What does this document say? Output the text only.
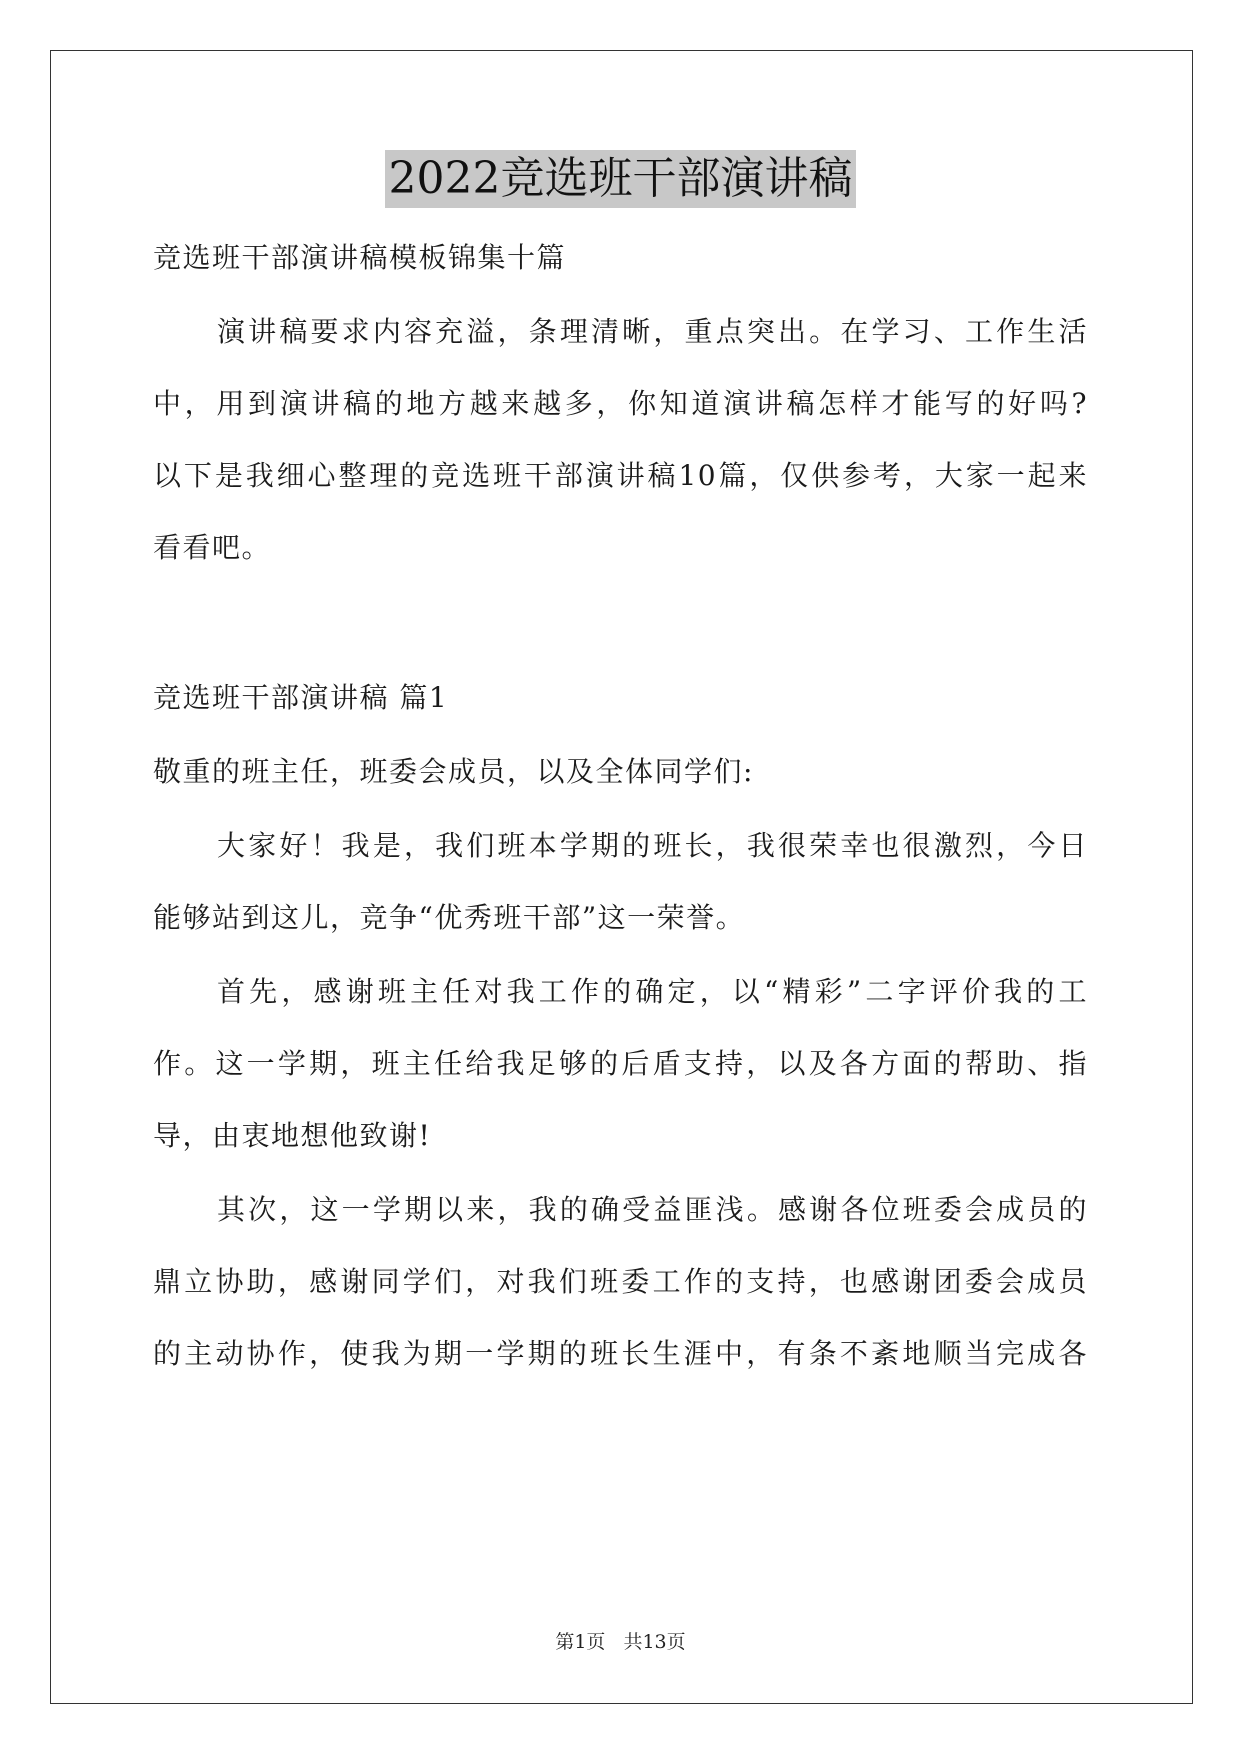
2022竞选班干部演讲稿
竞选班干部演讲稿模板锦集十篇
演讲稿要求内容充溢，条理清晰，重点突出。在学习、工作生活
中，用到演讲稿的地方越来越多，你知道演讲稿怎样才能写的好吗?
以下是我细心整理的竞选班干部演讲稿10篇，仅供参考，大家一起来
看看吧。
竞选班干部演讲稿 篇1
敬重的班主任，班委会成员，以及全体同学们:
大家好！我是，我们班本学期的班长，我很荣幸也很激烈，今日
能够站到这儿，竞争“优秀班干部”这一荣誉。
首先，感谢班主任对我工作的确定，以“精彩”二字评价我的工
作。这一学期，班主任给我足够的后盾支持，以及各方面的帮助、指
导，由衷地想他致谢!
其次，这一学期以来，我的确受益匪浅。感谢各位班委会成员的
鼎立协助，感谢同学们，对我们班委工作的支持，也感谢团委会成员
的主动协作，使我为期一学期的班长生涯中，有条不紊地顺当完成各
第1页 共13页
